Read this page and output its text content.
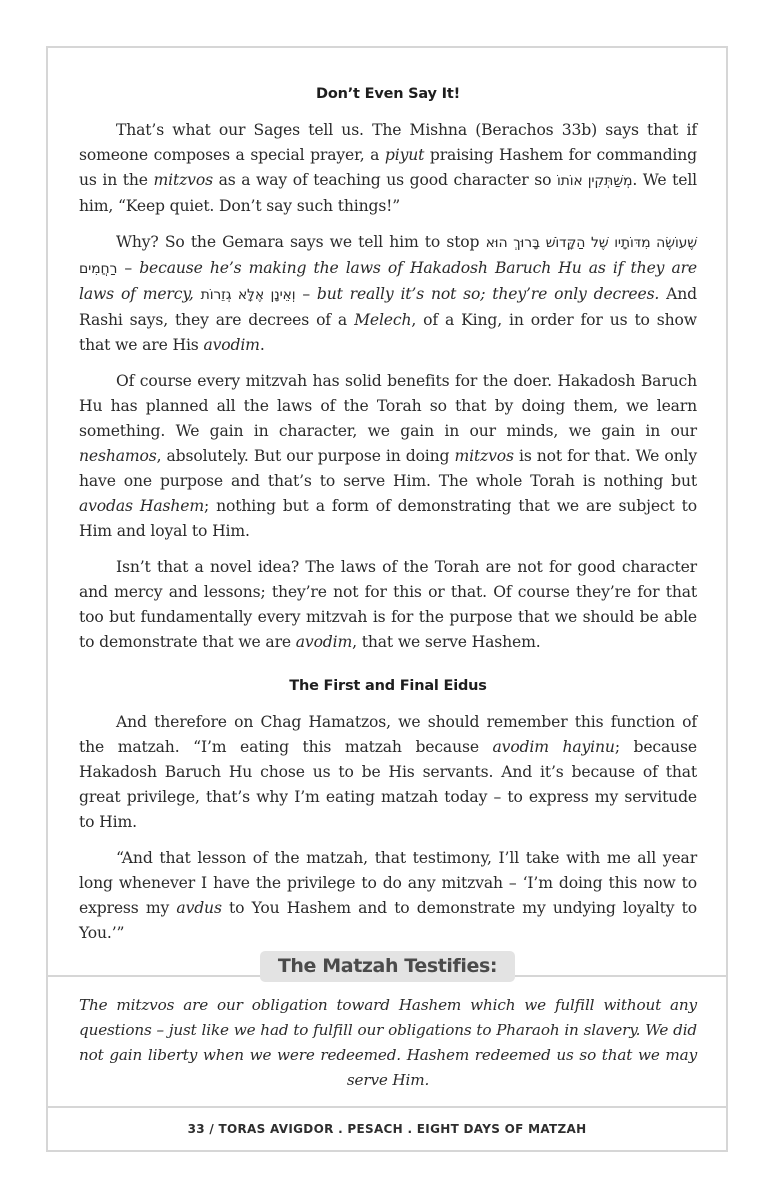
Don’t Even Say It!

That’s what our Sages tell us. The Mishna (Berachos 33b) says that if someone composes a special prayer, a piyut praising Hashem for commanding us in the mitzvos as a way of teaching us good character so מְשַׁתְּקִין אוֹתוֹ. We tell him, “Keep quiet. Don’t say such things!”

Why? So the Gemara says we tell him to stop שֶׁעוֹשֶׂה מִדּוֹתָיו שֶׁל הַקָּדוֹשׁ בָּרוּךְ הוּא רַחֲמִים – because he’s making the laws of Hakadosh Baruch Hu as if they are laws of mercy, וְאֵינָן אֶלָּא גְזֵרוֹת – but really it’s not so; they’re only decrees. And Rashi says, they are decrees of a Melech, of a King, in order for us to show that we are His avodim.

Of course every mitzvah has solid benefits for the doer. Hakadosh Baruch Hu has planned all the laws of the Torah so that by doing them, we learn something. We gain in character, we gain in our minds, we gain in our neshamos, absolutely. But our purpose in doing mitzvos is not for that. We only have one purpose and that’s to serve Him. The whole Torah is nothing but avodas Hashem; nothing but a form of demonstrating that we are subject to Him and loyal to Him.

Isn’t that a novel idea? The laws of the Torah are not for good character and mercy and lessons; they’re not for this or that. Of course they’re for that too but fundamentally every mitzvah is for the purpose that we should be able to demonstrate that we are avodim, that we serve Hashem.

The First and Final Eidus

And therefore on Chag Hamatzos, we should remember this function of the matzah. “I’m eating this matzah because avodim hayinu; because Hakadosh Baruch Hu chose us to be His servants. And it’s because of that great privilege, that’s why I’m eating matzah today – to express my servitude to Him.

“And that lesson of the matzah, that testimony, I’ll take with me all year long whenever I have the privilege to do any mitzvah – ‘I’m doing this now to express my avdus to You Hashem and to demonstrate my undying loyalty to You.’”

The Matzah Testifies:
The mitzvos are our obligation toward Hashem which we fulfill without any questions – just like we had to fulfill our obligations to Pharaoh in slavery. We did not gain liberty when we were redeemed. Hashem redeemed us so that we may serve Him.
33 / TORAS AVIGDOR . PESACH . EIGHT DAYS OF MATZAH
